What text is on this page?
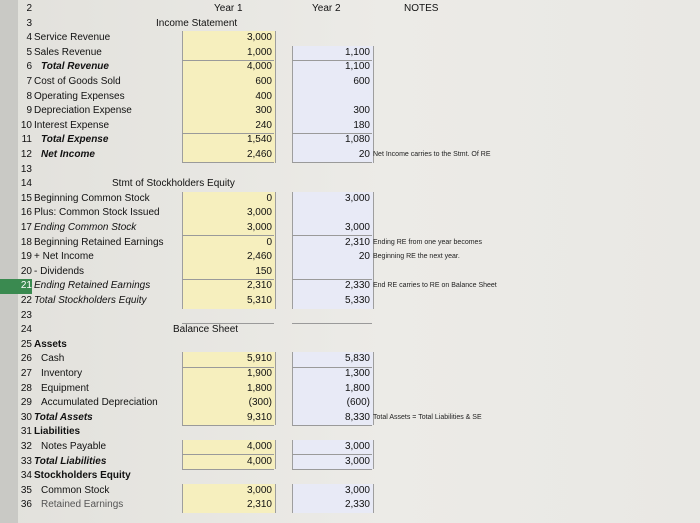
2	Year 1	Year 2	NOTES
3	Income Statement
4 Service Revenue	3,000
5 Sales Revenue	1,000	1,100
6 Total Revenue	4,000	1,100
7 Cost of Goods Sold	600	600
8 Operating Expenses	400
9 Depreciation Expense	300	300
10 Interest Expense	240	180
11 Total Expense	1,540	1,080
12 Net Income	2,460	20 Net Income carries to the Stmt. Of RE
13
14	Stmt of Stockholders Equity
15 Beginning Common Stock	0	3,000
16 Plus: Common Stock Issued	3,000
17 Ending Common Stock	3,000	3,000
18 Beginning Retained Earnings	0	2,310 Ending RE from one year becomes
19 + Net Income	2,460	20 Beginning RE the next year.
20 - Dividends	150
21 Ending Retained Earnings	2,310	2,330 End RE carries to RE on Balance Sheet
22 Total Stockholders Equity	5,310	5,330
23
24	Balance Sheet
25 Assets
26 Cash	5,910	5,830
27 Inventory	1,900	1,300
28 Equipment	1,800	1,800
29 Accumulated Depreciation	(300)	(600)
30 Total Assets	9,310	8,330 Total Assets = Total Liabilities & SE
31 Liabilities
32 Notes Payable	4,000	3,000
33 Total Liabilities	4,000	3,000
34 Stockholders Equity
35 Common Stock	3,000	3,000
36 Retained Earnings	2,310	2,330
